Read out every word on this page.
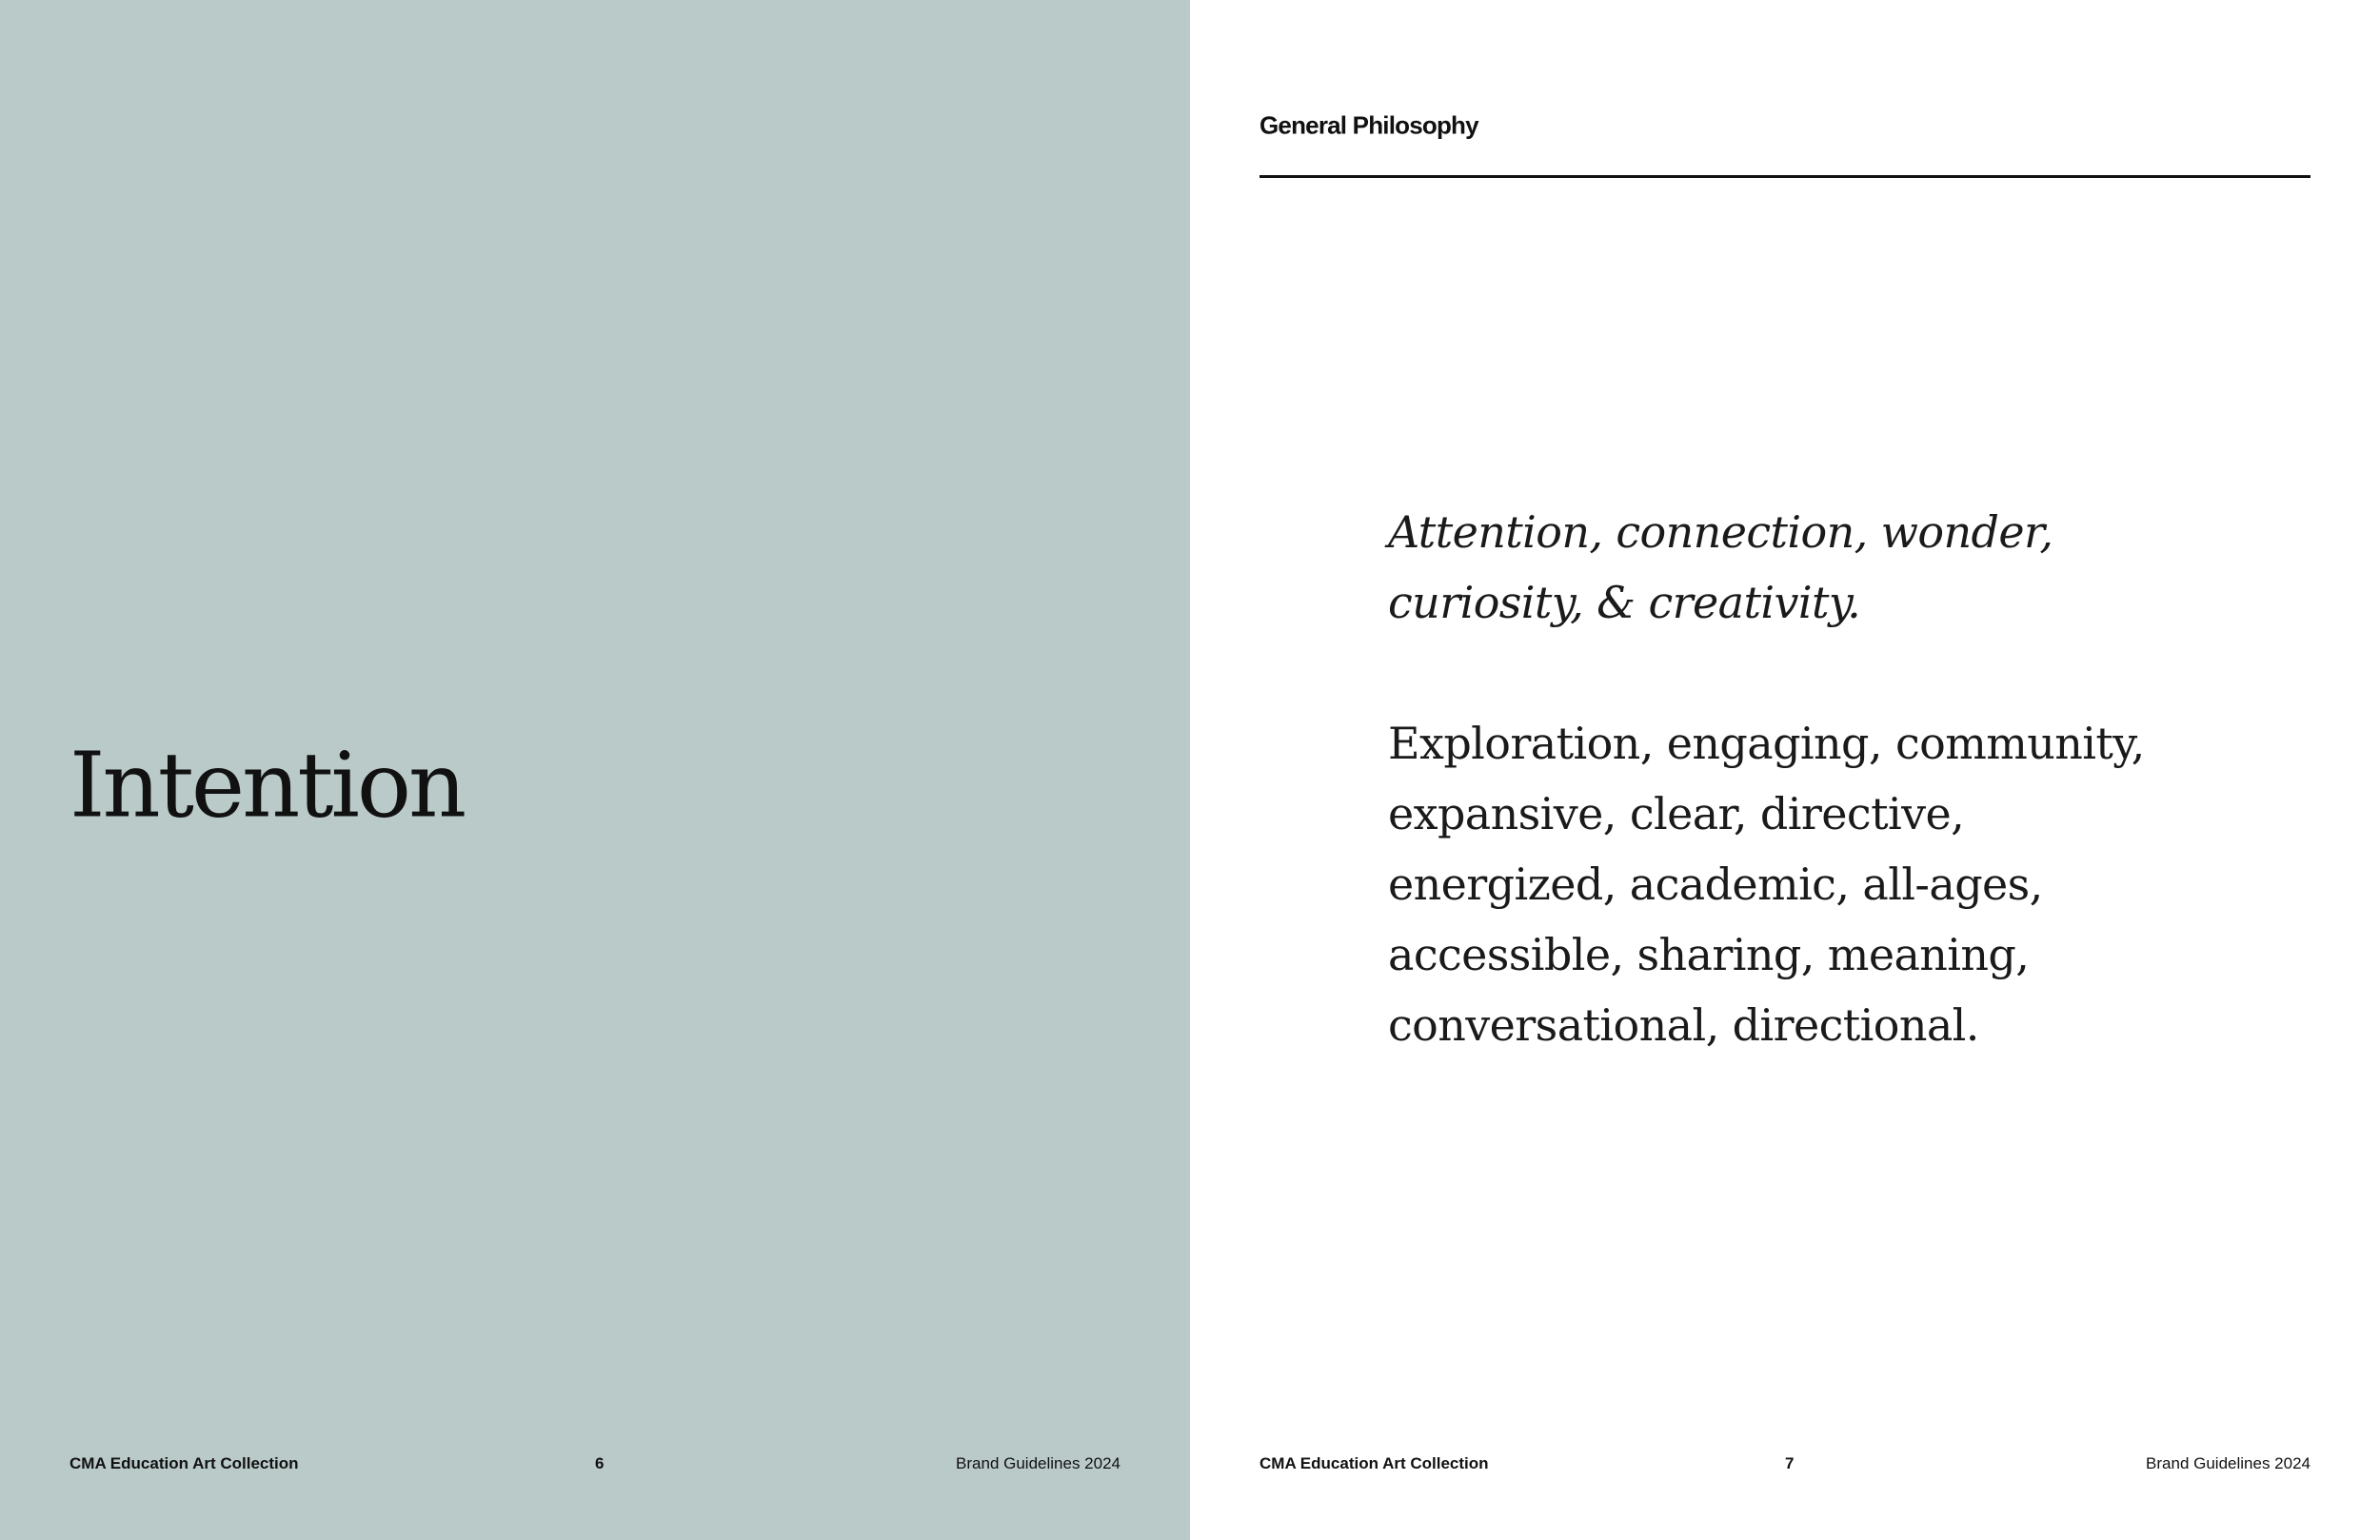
Intention
CMA Education Art Collection	6	Brand Guidelines 2024
General Philosophy

Attention, connection, wonder,

curiosity, & creativity.

Exploration, engaging, community,

expansive, clear, directive,

energized, academic, all-ages,

accessible, sharing, meaning,

conversational, directional.

CMA Education Art Collection	7	Brand Guidelines 2024
